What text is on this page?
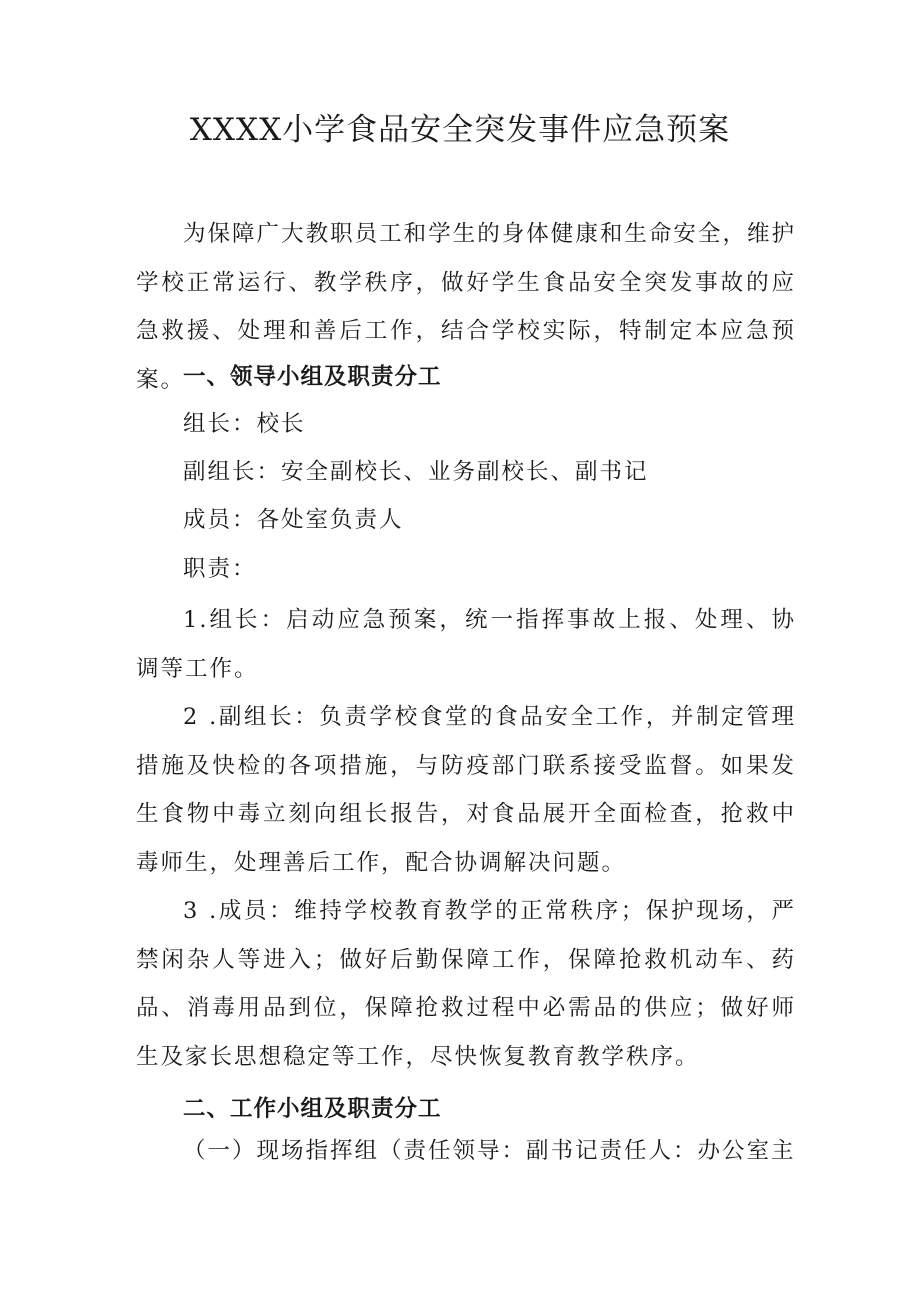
XXXX小学食品安全突发事件应急预案

为保障广大教职员工和学生的身体健康和生命安全，维护学校正常运行、教学秩序，做好学生食品安全突发事故的应急救援、处理和善后工作，结合学校实际，特制定本应急预案。

一、领导小组及职责分工

组长：校长

副组长：安全副校长、业务副校长、副书记

成员：各处室负责人

职责：

1.组长：启动应急预案，统一指挥事故上报、处理、协调等工作。

2 .副组长：负责学校食堂的食品安全工作，并制定管理措施及快检的各项措施，与防疫部门联系接受监督。如果发生食物中毒立刻向组长报告，对食品展开全面检查，抢救中毒师生，处理善后工作，配合协调解决问题。

3 .成员：维持学校教育教学的正常秩序；保护现场，严禁闲杂人等进入；做好后勤保障工作，保障抢救机动车、药品、消毒用品到位，保障抢救过程中必需品的供应；做好师生及家长思想稳定等工作，尽快恢复教育教学秩序。

二、工作小组及职责分工

（一）现场指挥组（责任领导：副书记责任人：办公室主
